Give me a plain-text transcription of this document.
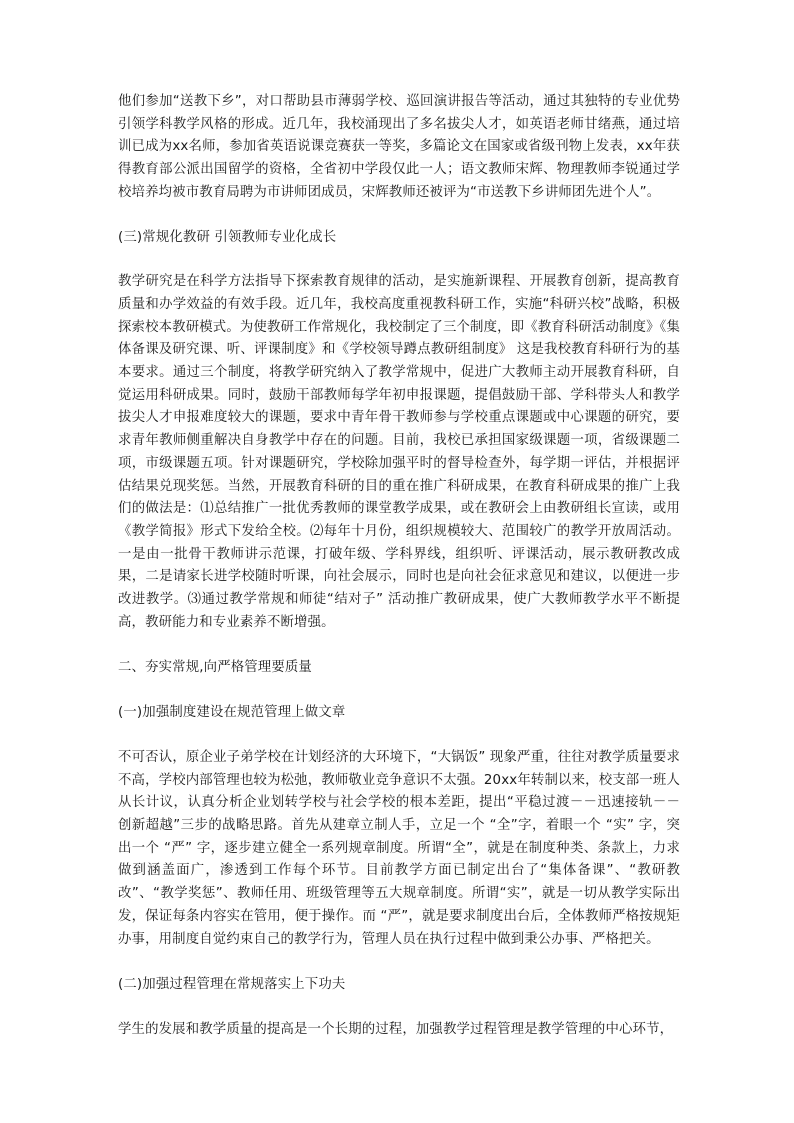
他们参加“送教下乡”，对口帮助县市薄弱学校、巡回演讲报告等活动，通过其独特的专业优势引领学科教学风格的形成。近几年，我校涌现出了多名拔尖人才，如英语老师甘绪燕，通过培训已成为xx名师，参加省英语说课竞赛获一等奖，多篇论文在国家或省级刊物上发表，xx年获得教育部公派出国留学的资格，全省初中学段仅此一人；语文教师宋辉、物理教师李锐通过学校培养均被市教育局聘为市讲师团成员，宋辉教师还被评为“市送教下乡讲师团先进个人”。

(三)常规化教研 引领教师专业化成长

教学研究是在科学方法指导下探索教育规律的活动，是实施新课程、开展教育创新，提高教育质量和办学效益的有效手段。近几年，我校高度重视教科研工作，实施“科研兴校”战略，积极探索校本教研模式。为使教研工作常规化，我校制定了三个制度，即《教育科研活动制度》《集体备课及研究课、听、评课制度》和《学校领导蹲点教研组制度》 这是我校教育科研行为的基本要求。通过三个制度，将教学研究纳入了教学常规中，促进广大教师主动开展教育科研，自觉运用科研成果。同时，鼓励干部教师每学年初申报课题，提倡鼓励干部、学科带头人和教学拔尖人才申报难度较大的课题，要求中青年骨干教师参与学校重点课题或中心课题的研究，要求青年教师侧重解决自身教学中存在的问题。目前，我校已承担国家级课题一项，省级课题二项，市级课题五项。针对课题研究，学校除加强平时的督导检查外，每学期一评估，并根据评估结果兑现奖惩。当然，开展教育科研的目的重在推广科研成果，在教育科研成果的推广上我们的做法是：⑴总结推广一批优秀教师的课堂教学成果，或在教研会上由教研组长宣读，或用《教学简报》形式下发给全校。⑵每年十月份，组织规模较大、范围较广的教学开放周活动。一是由一批骨干教师讲示范课，打破年级、学科界线，组织听、评课活动，展示教研教改成果，二是请家长进学校随时听课，向社会展示，同时也是向社会征求意见和建议，以便进一步改进教学。⑶通过教学常规和师徒“结对子” 活动推广教研成果，使广大教师教学水平不断提高，教研能力和专业素养不断增强。

二、夯实常规,向严格管理要质量

(一)加强制度建设在规范管理上做文章

不可否认，原企业子弟学校在计划经济的大环境下，“大锅饭” 现象严重，往往对教学质量要求不高，学校内部管理也较为松弛，教师敬业竞争意识不太强。20xx年转制以来，校支部一班人从长计议，认真分析企业划转学校与社会学校的根本差距，提出“平稳过渡－－迅速接轨－－创新超越”三步的战略思路。首先从建章立制人手，立足一个 “全”字，着眼一个 “实” 字，突出一个 “严” 字，逐步建立健全一系列规章制度。所谓“全”，就是在制度种类、条款上，力求做到涵盖面广，渗透到工作每个环节。目前教学方面已制定出台了“集体备课”、“教研教改”、“教学奖惩”、教师任用、班级管理等五大规章制度。所谓“实”，就是一切从教学实际出发，保证每条内容实在管用，便于操作。而 “严”，就是要求制度出台后，全体教师严格按规矩办事，用制度自觉约束自己的教学行为，管理人员在执行过程中做到秉公办事、严格把关。

(二)加强过程管理在常规落实上下功夫

学生的发展和教学质量的提高是一个长期的过程，加强教学过程管理是教学管理的中心环节，
